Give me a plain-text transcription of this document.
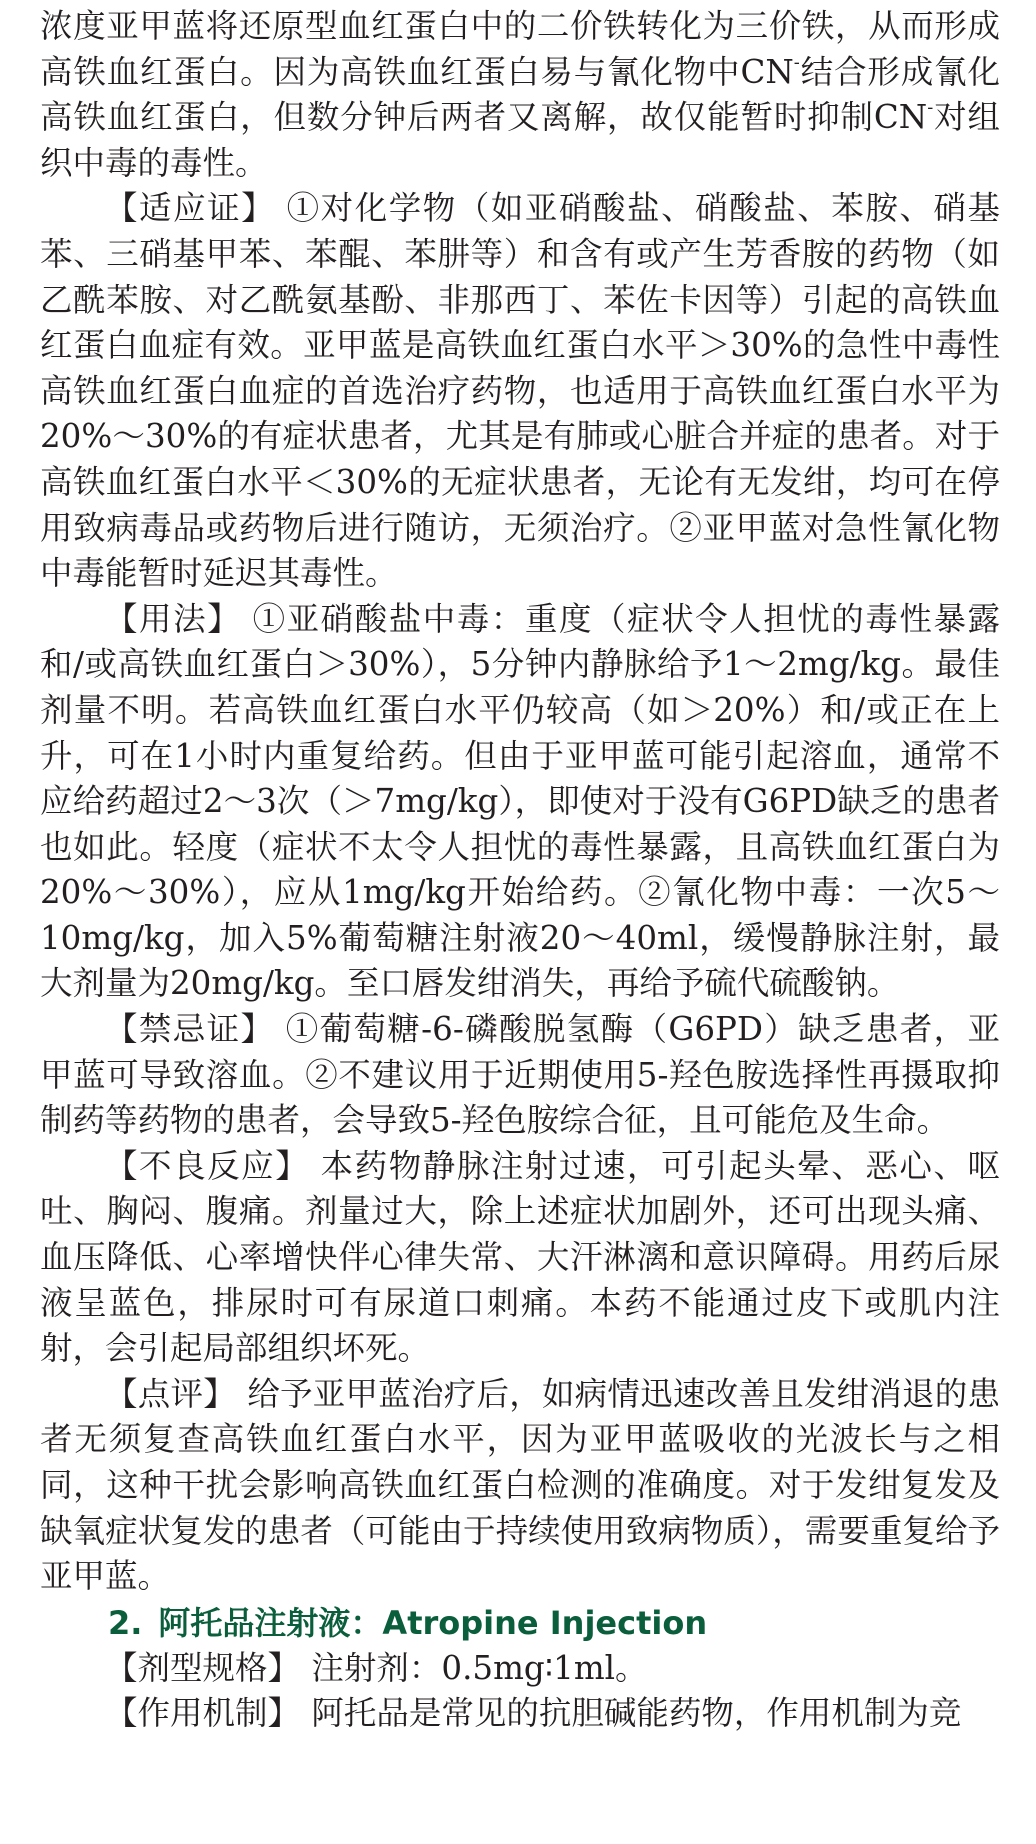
浓度亚甲蓝将还原型血红蛋白中的二价铁转化为三价铁，从而形成高铁血红蛋白。因为高铁血红蛋白易与氰化物中CN-结合形成氰化高铁血红蛋白，但数分钟后两者又离解，故仅能暂时抑制CN-对组织中毒的毒性。

【适应证】 ①对化学物（如亚硝酸盐、硝酸盐、苯胺、硝基苯、三硝基甲苯、苯醌、苯肼等）和含有或产生芳香胺的药物（如乙酰苯胺、对乙酰氨基酚、非那西丁、苯佐卡因等）引起的高铁血红蛋白血症有效。亚甲蓝是高铁血红蛋白水平＞30%的急性中毒性高铁血红蛋白血症的首选治疗药物，也适用于高铁血红蛋白水平为20%～30%的有症状患者，尤其是有肺或心脏合并症的患者。对于高铁血红蛋白水平＜30%的无症状患者，无论有无发绀，均可在停用致病毒品或药物后进行随访，无须治疗。②亚甲蓝对急性氰化物中毒能暂时延迟其毒性。

【用法】 ①亚硝酸盐中毒：重度（症状令人担忧的毒性暴露和/或高铁血红蛋白＞30%），5分钟内静脉给予1～2mg/kg。最佳剂量不明。若高铁血红蛋白水平仍较高（如＞20%）和/或正在上升，可在1小时内重复给药。但由于亚甲蓝可能引起溶血，通常不应给药超过2～3次（＞7mg/kg），即使对于没有G6PD缺乏的患者也如此。轻度（症状不太令人担忧的毒性暴露，且高铁血红蛋白为20%～30%），应从1mg/kg开始给药。②氰化物中毒：一次5～10mg/kg，加入5%葡萄糖注射液20～40ml，缓慢静脉注射，最大剂量为20mg/kg。至口唇发绀消失，再给予硫代硫酸钠。

【禁忌证】 ①葡萄糖-6-磷酸脱氢酶（G6PD）缺乏患者，亚甲蓝可导致溶血。②不建议用于近期使用5-羟色胺选择性再摄取抑制药等药物的患者，会导致5-羟色胺综合征，且可能危及生命。

【不良反应】 本药物静脉注射过速，可引起头晕、恶心、呕吐、胸闷、腹痛。剂量过大，除上述症状加剧外，还可出现头痛、血压降低、心率增快伴心律失常、大汗淋漓和意识障碍。用药后尿液呈蓝色，排尿时可有尿道口刺痛。本药不能通过皮下或肌内注射，会引起局部组织坏死。

【点评】 给予亚甲蓝治疗后，如病情迅速改善且发绀消退的患者无须复查高铁血红蛋白水平，因为亚甲蓝吸收的光波长与之相同，这种干扰会影响高铁血红蛋白检测的准确度。对于发绀复发及缺氧症状复发的患者（可能由于持续使用致病物质），需要重复给予亚甲蓝。

2. 阿托品注射液：Atropine Injection

【剂型规格】 注射剂：0.5mg∶1ml。

【作用机制】 阿托品是常见的抗胆碱能药物，作用机制为竞
